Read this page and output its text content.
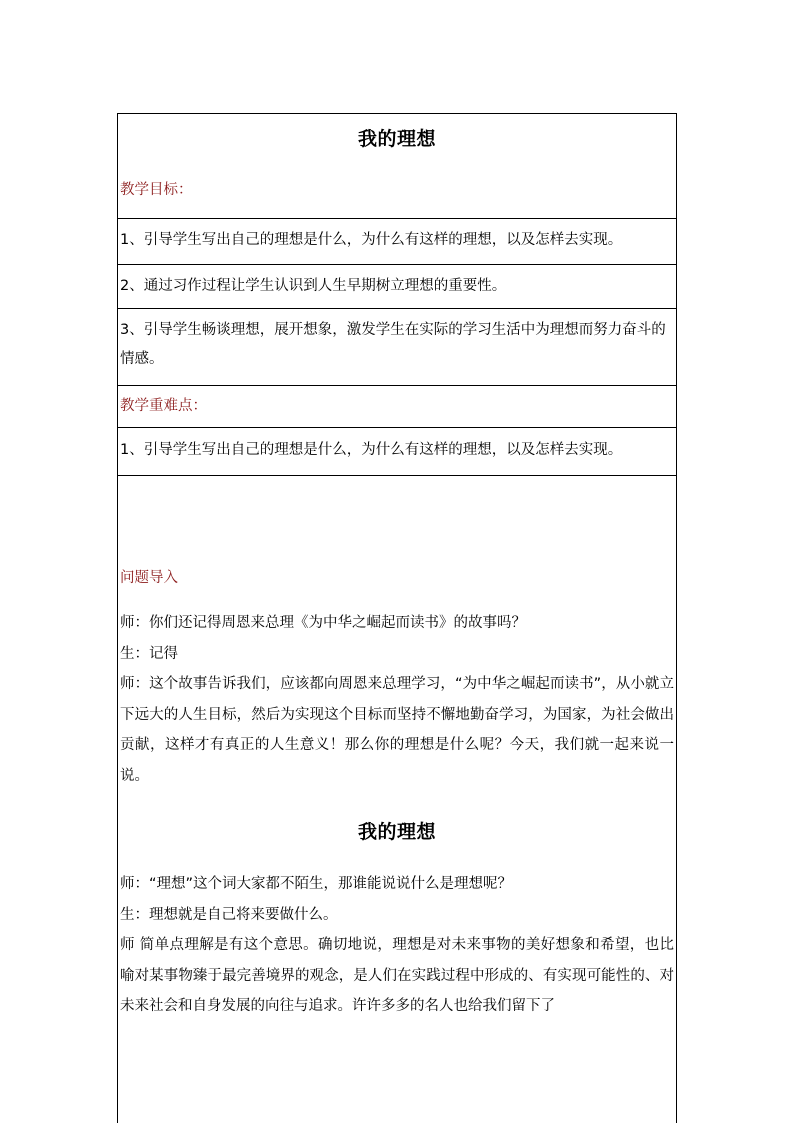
我的理想
教学目标：
1、引导学生写出自己的理想是什么，为什么有这样的理想，以及怎样去实现。
2、通过习作过程让学生认识到人生早期树立理想的重要性。
3、引导学生畅谈理想，展开想象，激发学生在实际的学习生活中为理想而努力奋斗的情感。
教学重难点：
1、引导学生写出自己的理想是什么，为什么有这样的理想，以及怎样去实现。
问题导入
师：你们还记得周恩来总理《为中华之崛起而读书》的故事吗？
生：记得
师：这个故事告诉我们，应该都向周恩来总理学习，“为中华之崛起而读书”，从小就立下远大的人生目标，然后为实现这个目标而坚持不懈地勤奋学习，为国家，为社会做出贡献，这样才有真正的人生意义！那么你的理想是什么呢？今天，我们就一起来说一说。
我的理想
师：“理想”这个词大家都不陌生，那谁能说说什么是理想呢？
生：理想就是自己将来要做什么。
师 简单点理解是有这个意思。确切地说，理想是对未来事物的美好想象和希望，也比喻对某事物臻于最完善境界的观念，是人们在实践过程中形成的、有实现可能性的、对未来社会和自身发展的向往与追求。许许多多的名人也给我们留下了
